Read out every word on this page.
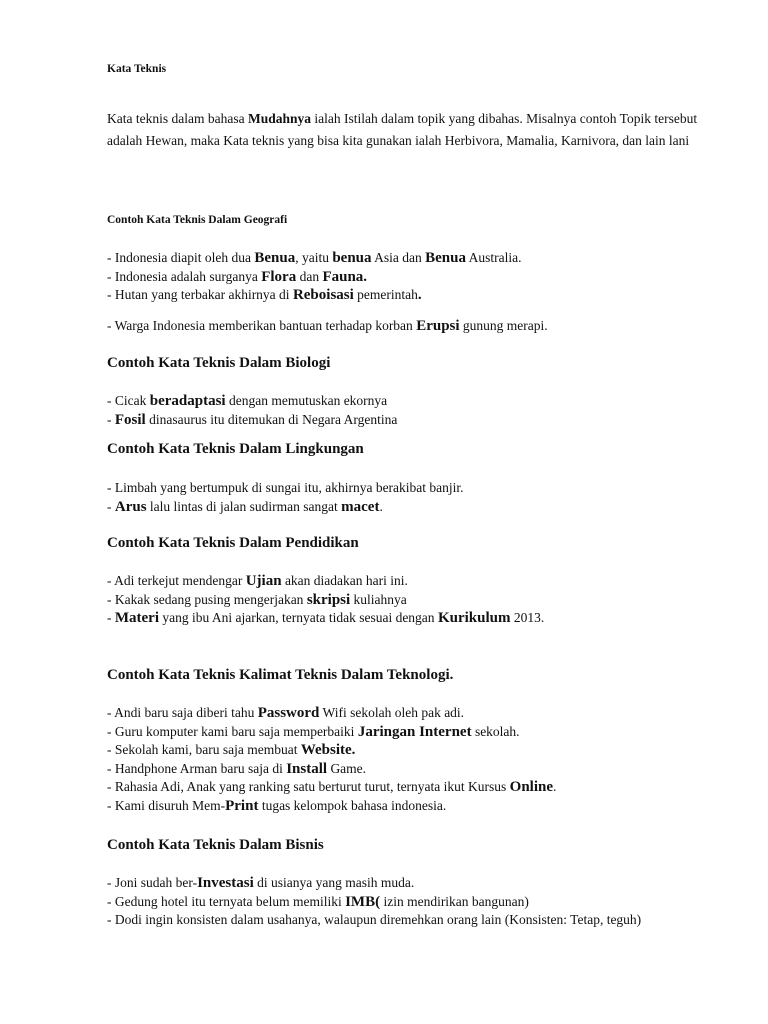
Kata Teknis

Kata teknis dalam bahasa Mudahnya ialah Istilah dalam topik yang dibahas. Misalnya contoh Topik tersebut adalah Hewan, maka Kata teknis yang bisa kita gunakan ialah Herbivora, Mamalia, Karnivora, dan lain lani

Contoh Kata Teknis Dalam Geografi
- Indonesia diapit oleh dua Benua, yaitu benua Asia dan Benua Australia.
- Indonesia adalah surganya Flora dan Fauna.
- Hutan yang terbakar akhirnya di Reboisasi pemerintah.
- Warga Indonesia memberikan bantuan terhadap korban Erupsi gunung merapi.
Contoh Kata Teknis Dalam Biologi
- Cicak beradaptasi dengan memutuskan ekornya
- Fosil dinasaurus itu ditemukan di Negara Argentina
Contoh Kata Teknis Dalam Lingkungan
- Limbah yang bertumpuk di sungai itu, akhirnya berakibat banjir.
- Arus lalu lintas di jalan sudirman sangat macet.
Contoh Kata Teknis Dalam Pendidikan
- Adi terkejut mendengar Ujian akan diadakan hari ini.
- Kakak sedang pusing mengerjakan skripsi kuliahnya
- Materi yang ibu Ani ajarkan, ternyata tidak sesuai dengan Kurikulum 2013.
Contoh Kata Teknis Kalimat Teknis Dalam Teknologi.
- Andi baru saja diberi tahu Password Wifi sekolah oleh pak adi.
- Guru komputer kami baru saja memperbaiki Jaringan Internet sekolah.
- Sekolah kami, baru saja membuat Website.
- Handphone Arman baru saja di Install Game.
- Rahasia Adi, Anak yang ranking satu berturut turut, ternyata ikut Kursus Online.
- Kami disuruh Mem-Print tugas kelompok bahasa indonesia.
Contoh Kata Teknis Dalam Bisnis
- Joni sudah ber-Investasi di usianya yang masih muda.
- Gedung hotel itu ternyata belum memiliki IMB( izin mendirikan bangunan)
- Dodi ingin konsisten dalam usahanya, walaupun diremehkan orang lain (Konsisten: Tetap, teguh)
